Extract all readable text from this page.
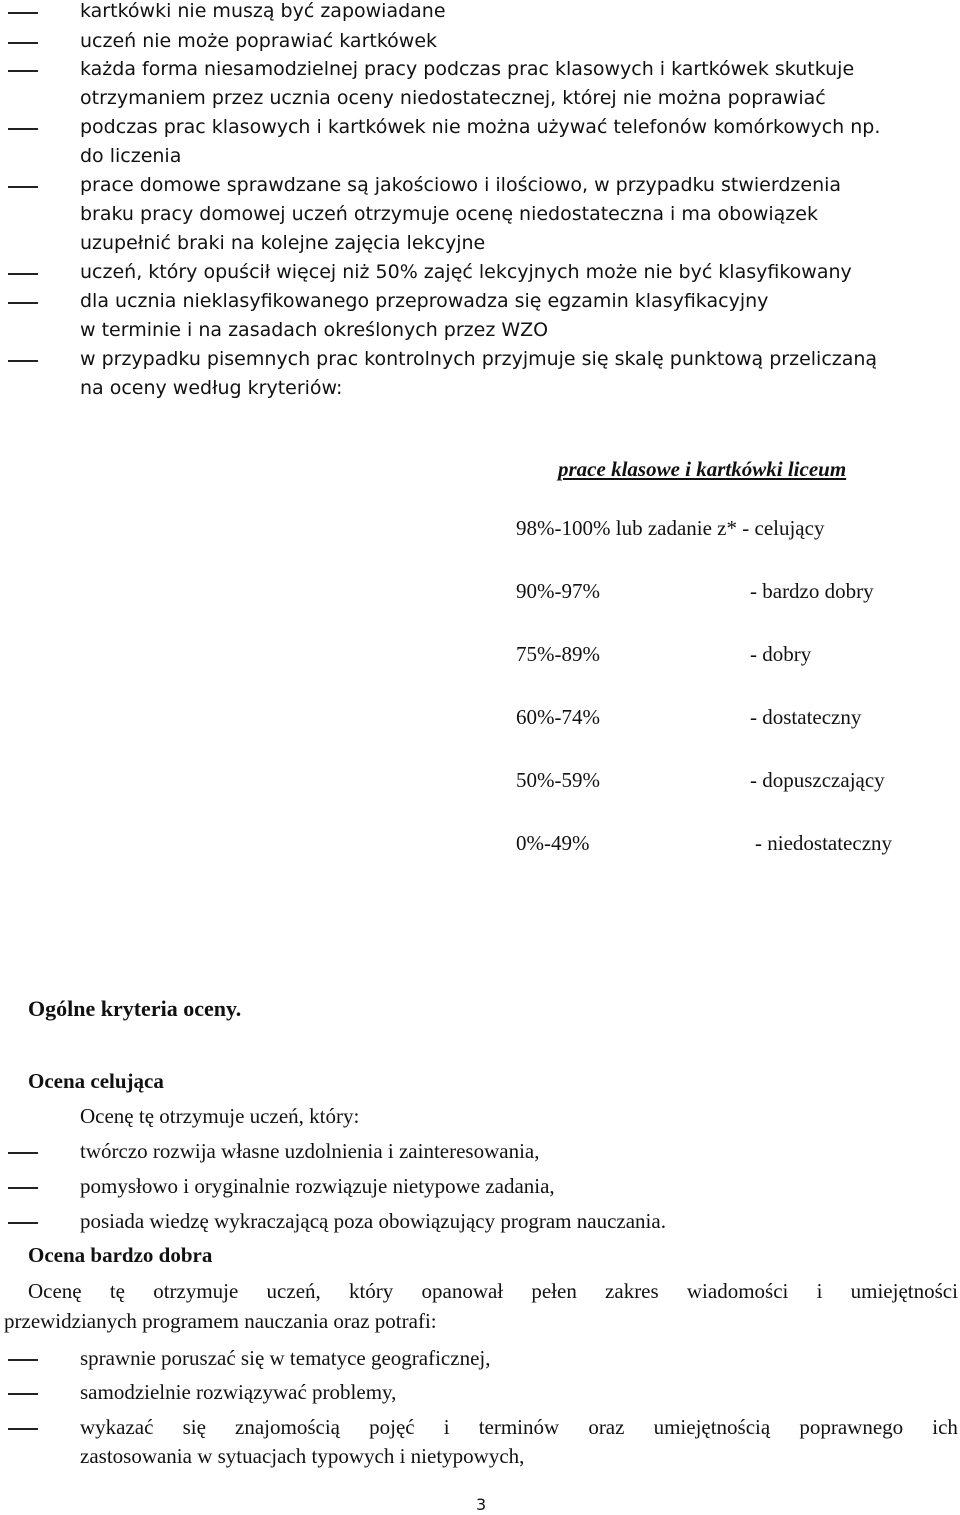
kartkówki nie muszą być zapowiadane
uczeń nie może poprawiać kartkówek
każda forma niesamodzielnej pracy podczas prac klasowych i kartkówek skutkuje
otrzymaniem przez ucznia oceny niedostatecznej, której nie można poprawiać
podczas prac klasowych i kartkówek nie można używać telefonów komórkowych np.
do liczenia
prace domowe sprawdzane są jakościowo i ilościowo, w przypadku stwierdzenia
braku pracy domowej uczeń otrzymuje ocenę niedostateczna i ma obowiązek
uzupełnić braki na kolejne zajęcia lekcyjne
uczeń, który opuścił więcej niż 50% zajęć lekcyjnych może nie być klasyfikowany
dla ucznia nieklasyfikowanego przeprowadza się egzamin klasyfikacyjny
w terminie i na zasadach określonych przez WZO
w przypadku pisemnych prac kontrolnych przyjmuje się skalę punktową przeliczaną
na oceny według kryteriów:
prace klasowe i kartkówki liceum
98%-100% lub zadanie z* - celujący
90%-97%	- bardzo dobry
75%-89%	- dobry
60%-74%	- dostateczny
50%-59%	- dopuszczający
0%-49%	- niedostateczny
Ogólne kryteria oceny.
Ocena celująca
Ocenę tę otrzymuje uczeń, który:
twórczo rozwija własne uzdolnienia i zainteresowania,
pomysłowo i oryginalnie rozwiązuje nietypowe zadania,
posiada wiedzę wykraczającą poza obowiązujący program nauczania.
Ocena bardzo dobra
Ocenę tę otrzymuje uczeń, który opanował pełen zakres wiadomości i umiejętności
przewidzianych programem nauczania oraz potrafi:
sprawnie poruszać się w tematyce geograficznej,
samodzielnie rozwiązywać problemy,
wykazać się znajomością pojęć i terminów oraz umiejętnością poprawnego ich
zastosowania w sytuacjach typowych i nietypowych,
3
